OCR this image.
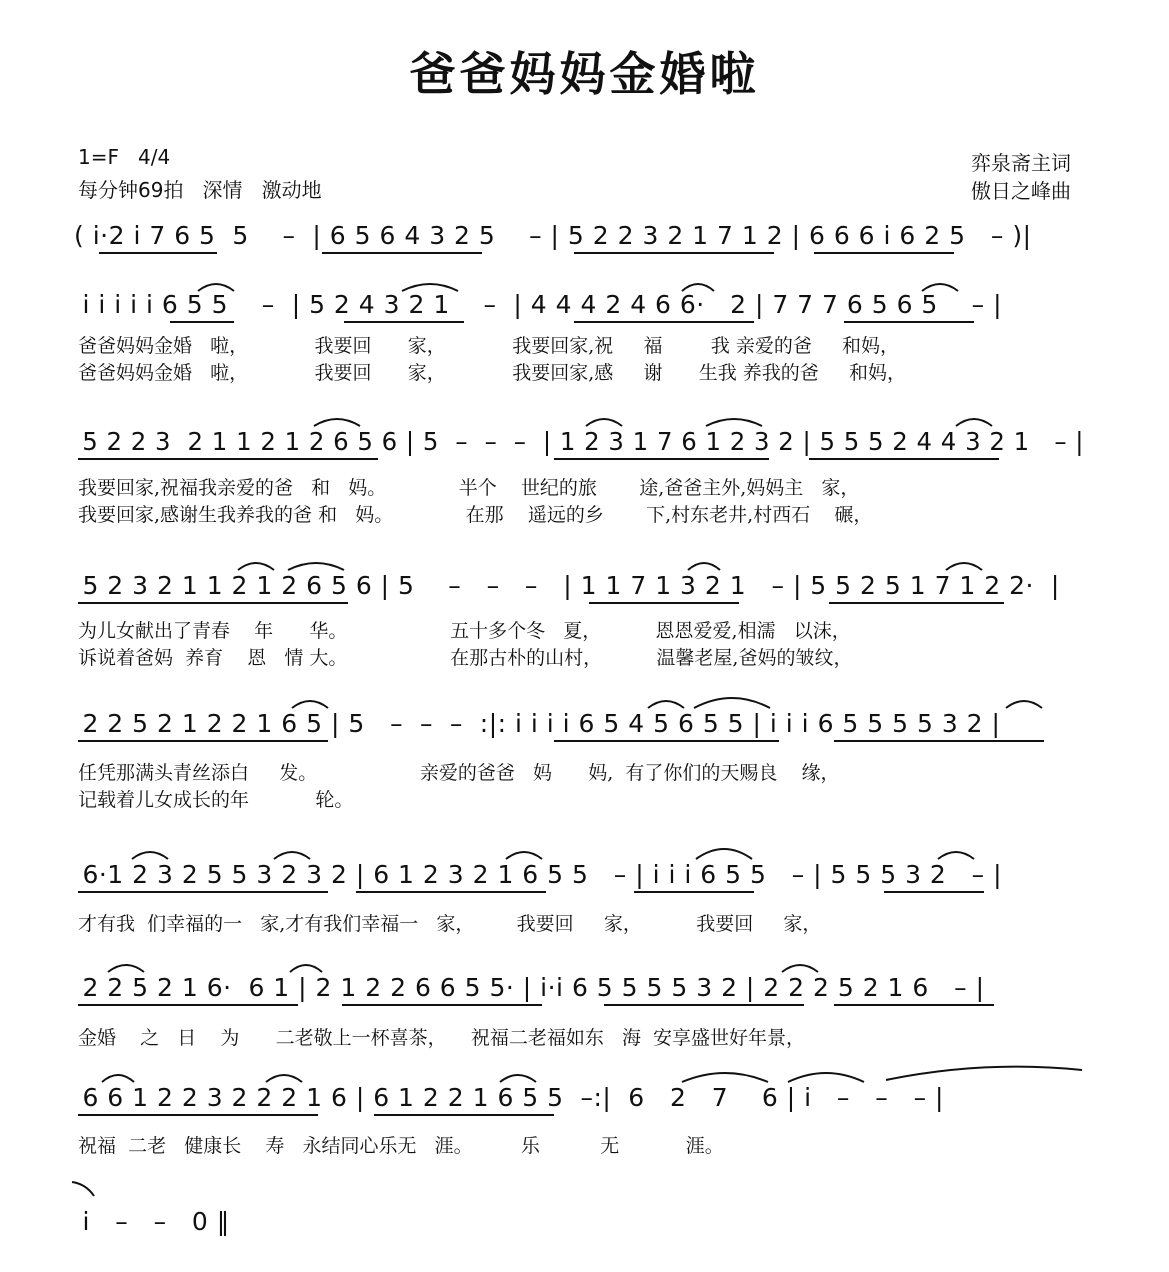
爸爸妈妈金婚啦
1=F   4/4
每分钟69拍   深情   激动地
弈泉斋主词
傲日之峰曲
( i·2 i 7 6 5  5    –  | 6 5 6 4 3 2 5    – | 5 2 2 3 2 1 7 1 2 | 6 6 6 i 6 2 5   – )|
i i i i i 6 5 5    –  | 5 2 4 3 2 1    –  | 4 4 4 2 4 6 6·   2 | 7 7 7 6 5 6 5    – |
爸爸妈妈金婚   啦，           我要回      家，           我要回家,祝     福        我 亲爱的爸     和妈，
爸爸妈妈金婚   啦，           我要回      家，           我要回家,感     谢      生我 养我的爸     和妈，
5 2 2 3  2 1 1 2 1 2 6 5 6 | 5  –  –  –  | 1 2 3 1 7 6 1 2 3 2 | 5 5 5 2 4 4 3 2 1   – |
我要回家,祝福我亲爱的爸   和   妈。            半个    世纪的旅       途,爸爸主外,妈妈主   家，
我要回家,感谢生我养我的爸 和   妈。            在那    遥远的乡       下,村东老井,村西石    碾，
5 2 3 2 1 1 2 1 2 6 5 6 | 5    –   –   –   | 1 1 7 1 3 2 1   – | 5 5 2 5 1 7 1 2 2·  |
为儿女献出了青春    年      华。                 五十多个冬   夏，         恩恩爱爱,相濡   以沫，
诉说着爸妈  养育    恩   情 大。                 在那古朴的山村，         温馨老屋,爸妈的皱纹，
2 2 5 2 1 2 2 1 6 5 | 5   –  –  –  :|: i i i i 6 5 4 5 6 5 5 | i i i 6 5 5 5 5 3 2 |
任凭那满头青丝添白     发。                 亲爱的爸爸   妈      妈,  有了你们的天赐良    缘，
记载着儿女成长的年           轮。
6·1 2 3 2 5 5 3 2 3 2 | 6 1 2 3 2 1 6 5 5   – | i i i 6 5 5   – | 5 5 5 3 2   – |
才有我  们幸福的一   家,才有我们幸福一   家，       我要回     家，         我要回     家，
2 2 5 2 1 6·  6 1 | 2 1 2 2 6 6 5 5· | i·i 6 5 5 5 5 3 2 | 2 2 2 5 2 1 6   – |
金婚    之   日    为      二老敬上一杯喜茶，    祝福二老福如东   海  安享盛世好年景，
6 6 1 2 2 3 2 2 2 1 6 | 6 1 2 2 1 6 5 5  –:|  6   2   7    6 | i   –   –   – |
祝福  二老   健康长    寿   永结同心乐无   涯。        乐          无           涯。
i   –   –   0 ‖
